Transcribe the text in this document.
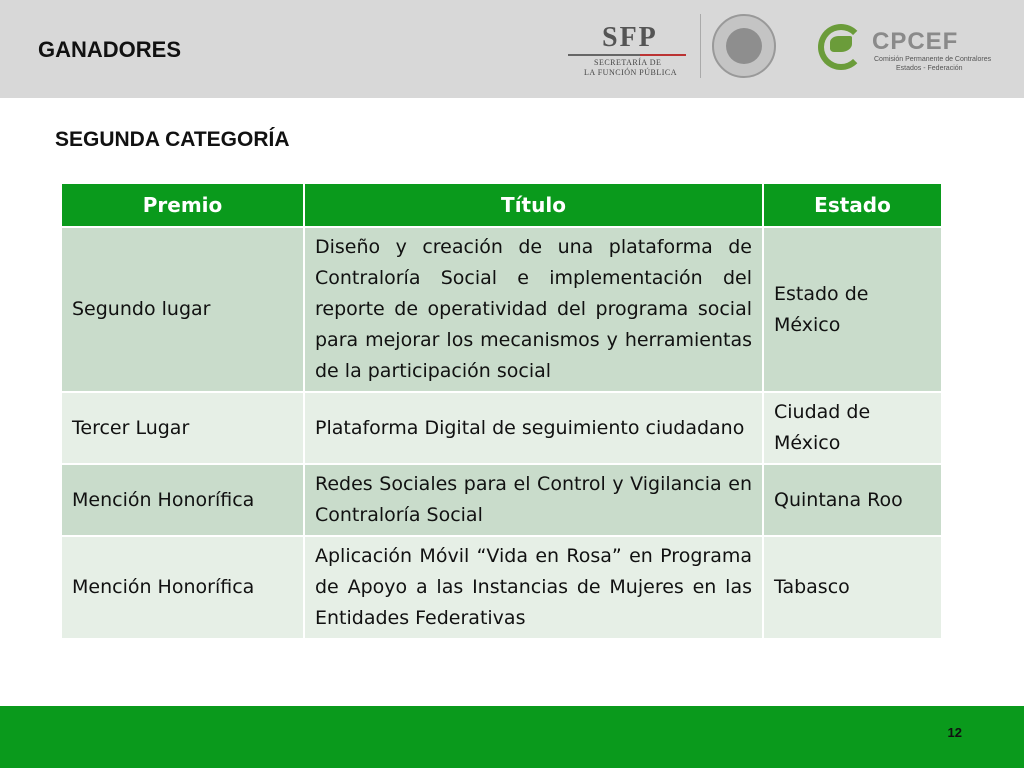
GANADORES	SFP
SECRETARÍA DE
LA FUNCIÓN PÚBLICA
CPCEF
Comisión Permanente de Contralores
Estados - Federación
SEGUNDA CATEGORÍA
Premio	Título	Estado
Segundo lugar	Diseño y creación de una plataforma de Contraloría Social e implementación del reporte de operatividad del programa social para mejorar los mecanismos y herramientas de la participación social	Estado de México
Tercer Lugar	Plataforma Digital de seguimiento ciudadano	Ciudad de México
Mención Honorífica	Redes Sociales para el Control y Vigilancia en Contraloría Social	Quintana Roo
Mención Honorífica	Aplicación Móvil “Vida en Rosa” en Programa de Apoyo a las Instancias de Mujeres en las Entidades Federativas	Tabasco
12
